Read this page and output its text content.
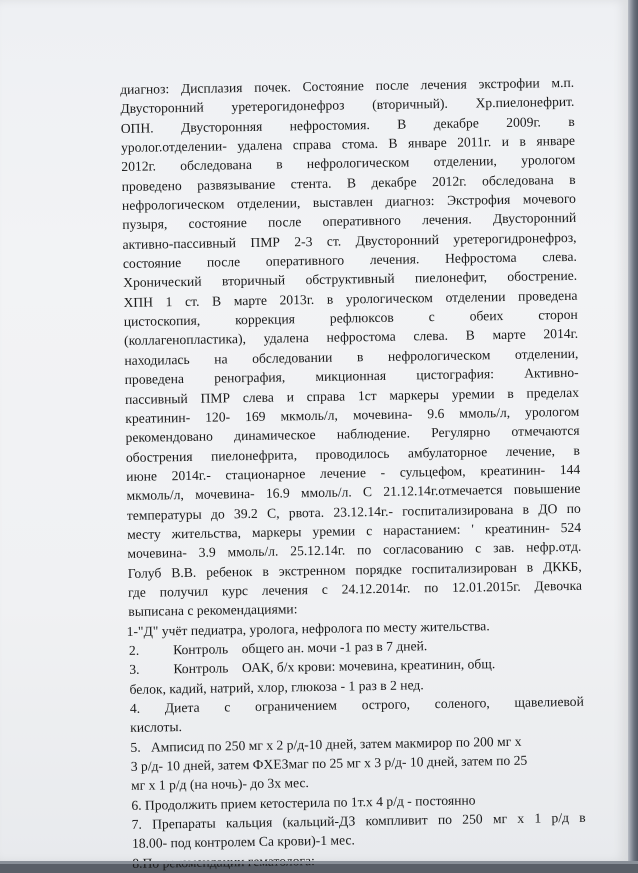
диагноз: Дисплазия почек. Состояние после лечения экстрофии м.п.
Двусторонний уретерогидонефроз (вторичный). Хр.пиелонефрит.
ОПН. Двусторонняя нефростомия. В декабре 2009г. в
уролог.отделении- удалена справа стома. В январе 2011г. и в январе
2012г. обследована в нефрологическом отделении, урологом
проведено развязывание стента. В декабре 2012г. обследована в
нефрологическом отделении, выставлен диагноз: Экстрофия мочевого
пузыря, состояние после оперативного лечения. Двусторонний
активно-пассивный ПМР 2-3 ст. Двусторонний уретерогидронефроз,
состояние после оперативного лечения. Нефростома слева.
Хронический вторичный обструктивный пиелонефит, обострение.
ХПН 1 ст. В марте 2013г. в урологическом отделении проведена
цистоскопия, коррекция рефлюксов с обеих сторон
(коллагенопластика), удалена нефростома слева. В марте 2014г.
находилась на обследовании в нефрологическом отделении,
проведена ренография, микционная цистография: Активно-
пассивный ПМР слева и справа 1ст маркеры уремии в пределах
креатинин- 120- 169 мкмоль/л, мочевина- 9.6 ммоль/л, урологом
рекомендовано динамическое наблюдение. Регулярно отмечаются
обострения пиелонефрита, проводилось амбулаторное лечение, в
июне 2014г.- стационарное лечение - сульцефом, креатинин- 144
мкмоль/л, мочевина- 16.9 ммоль/л. С 21.12.14г.отмечается повышение
температуры до 39.2 С, рвота. 23.12.14г.- госпитализирована в ДО по
месту жительства, маркеры уремии с нарастанием: ' креатинин- 524
мочевина- 3.9 ммоль/л. 25.12.14г. по согласованию с зав. нефр.отд.
Голуб В.В. ребенок в экстренном порядке госпитализирован в ДККБ,
где получил курс лечения с 24.12.2014г. по 12.01.2015г. Девочка
выписана с рекомендациями:
1-"Д" учёт педиатра, уролога, нефролога по месту жительства.
2.          Контроль    общего ан. мочи -1 раз в 7 дней.
3.          Контроль    ОАК, б/х крови: мочевина, креатинин, общ.
белок, кадий, натрий, хлор, глюкоза - 1 раз в 2 нед.
4. Диета с ограничением острого, соленого, щавелиевой
кислоты.
5.   Амписид по 250 мг х 2 р/д-10 дней, затем макмирор по 200 мг х
3 р/д- 10 дней, затем ФХЕЗмаг по 25 мг х 3 р/д- 10 дней, затем по 25
мг х 1 р/д (на ночь)- до 3х мес.
6. Продолжить прием кетостерила по 1т.х 4 р/д - постоянно
7. Препараты кальция (кальций-ДЗ компливит по 250 мг х 1 р/д в
18.00- под контролем Са крови)-1 мес.
